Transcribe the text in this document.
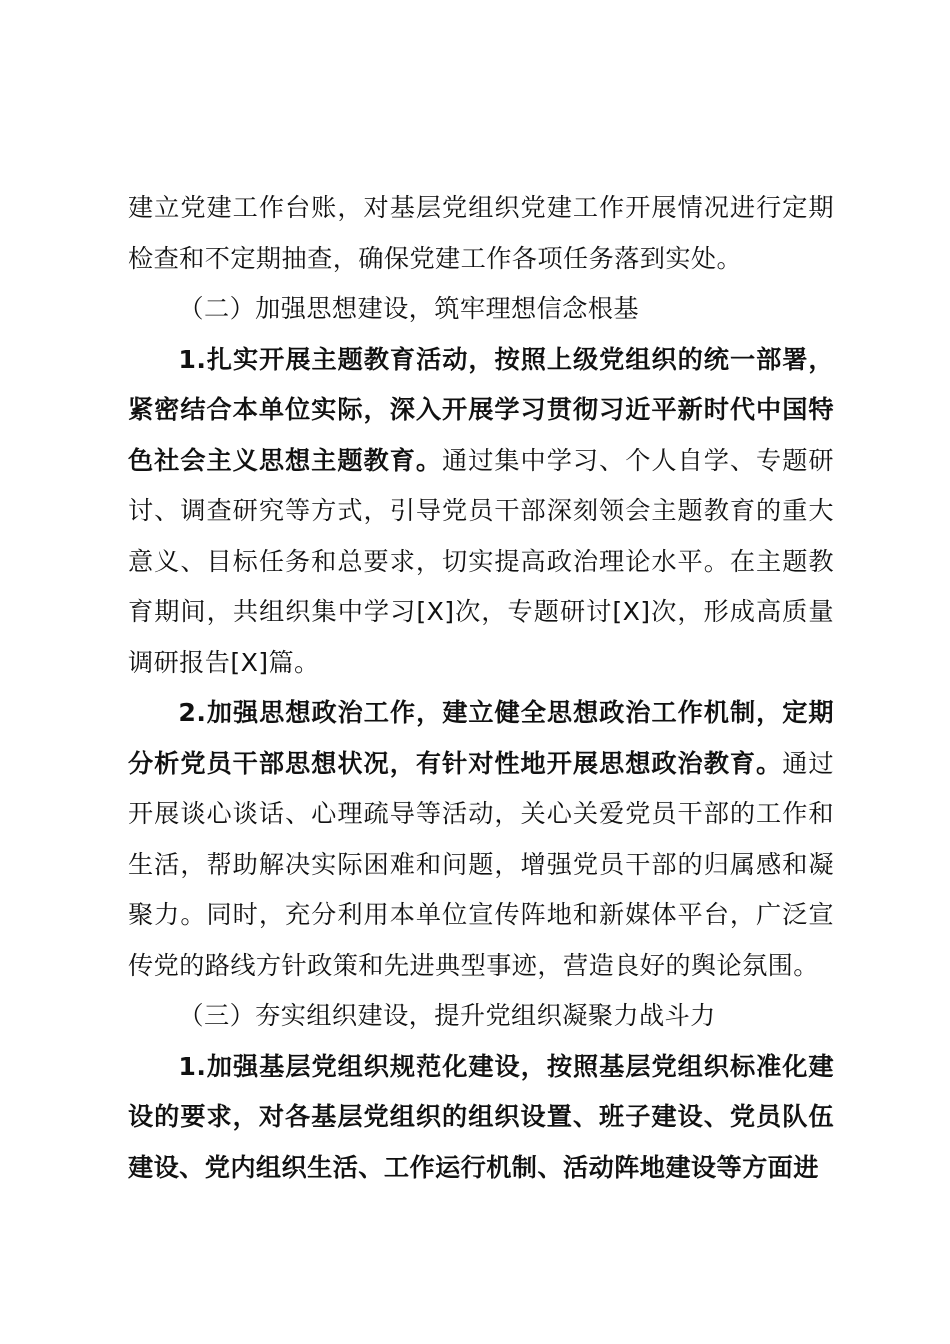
建立党建工作台账，对基层党组织党建工作开展情况进行定期检查和不定期抽查，确保党建工作各项任务落到实处。

（二）加强思想建设，筑牢理想信念根基

1.扎实开展主题教育活动，按照上级党组织的统一部署，紧密结合本单位实际，深入开展学习贯彻习近平新时代中国特色社会主义思想主题教育。通过集中学习、个人自学、专题研讨、调查研究等方式，引导党员干部深刻领会主题教育的重大意义、目标任务和总要求，切实提高政治理论水平。在主题教育期间，共组织集中学习[X]次，专题研讨[X]次，形成高质量调研报告[X]篇。

2.加强思想政治工作，建立健全思想政治工作机制，定期分析党员干部思想状况，有针对性地开展思想政治教育。通过开展谈心谈话、心理疏导等活动，关心关爱党员干部的工作和生活，帮助解决实际困难和问题，增强党员干部的归属感和凝聚力。同时，充分利用本单位宣传阵地和新媒体平台，广泛宣传党的路线方针政策和先进典型事迹，营造良好的舆论氛围。

（三）夯实组织建设，提升党组织凝聚力战斗力

1.加强基层党组织规范化建设，按照基层党组织标准化建设的要求，对各基层党组织的组织设置、班子建设、党员队伍建设、党内组织生活、工作运行机制、活动阵地建设等方面进
